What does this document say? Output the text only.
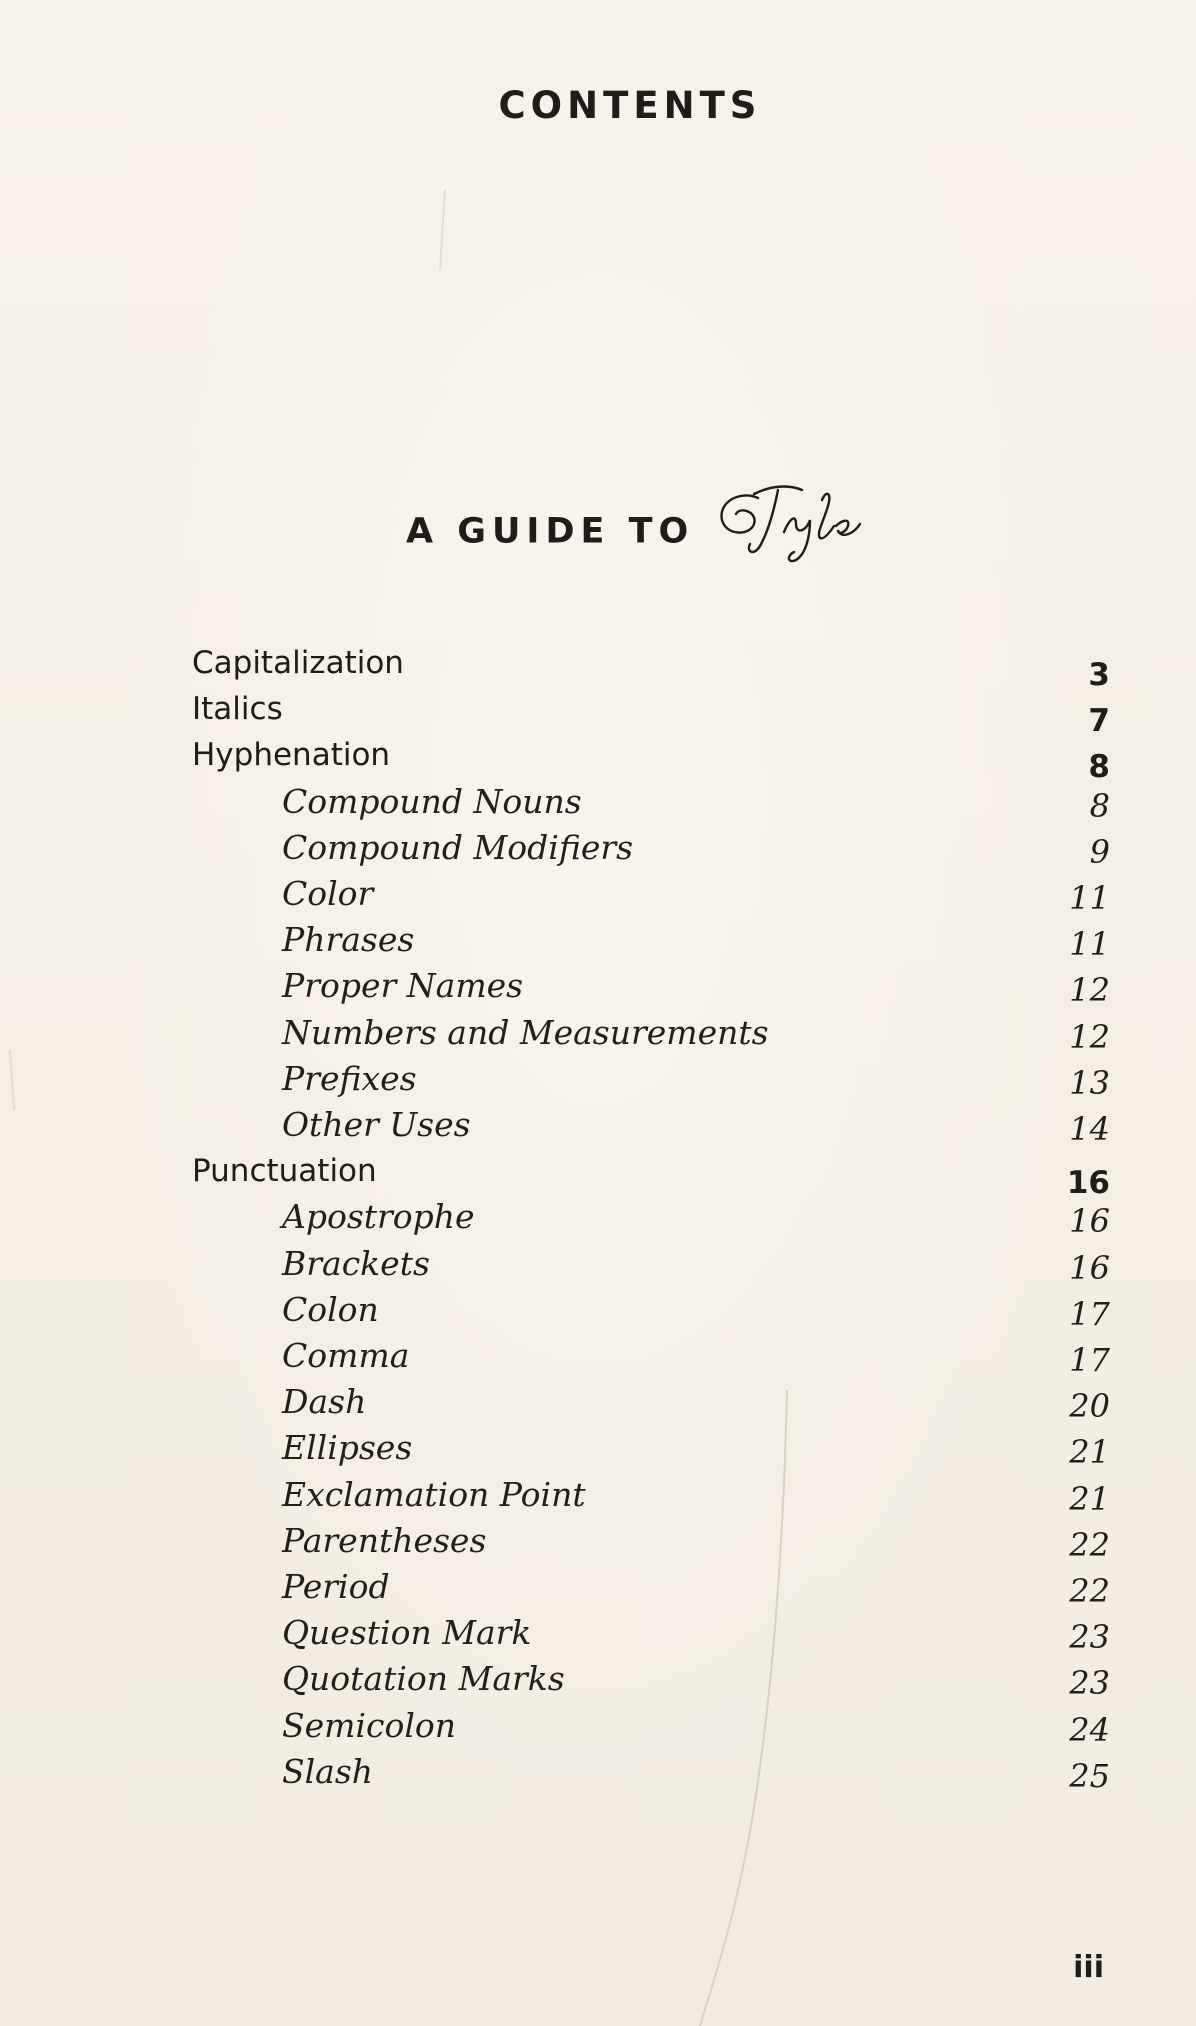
CONTENTS
A GUIDE TO
Capitalization	3
Italics	7
Hyphenation	8
Compound Nouns	8
Compound Modifiers	9
Color	11
Phrases	11
Proper Names	12
Numbers and Measurements	12
Prefixes	13
Other Uses	14
Punctuation	16
Apostrophe	16
Brackets	16
Colon	17
Comma	17
Dash	20
Ellipses	21
Exclamation Point	21
Parentheses	22
Period	22
Question Mark	23
Quotation Marks	23
Semicolon	24
Slash	25
iii
